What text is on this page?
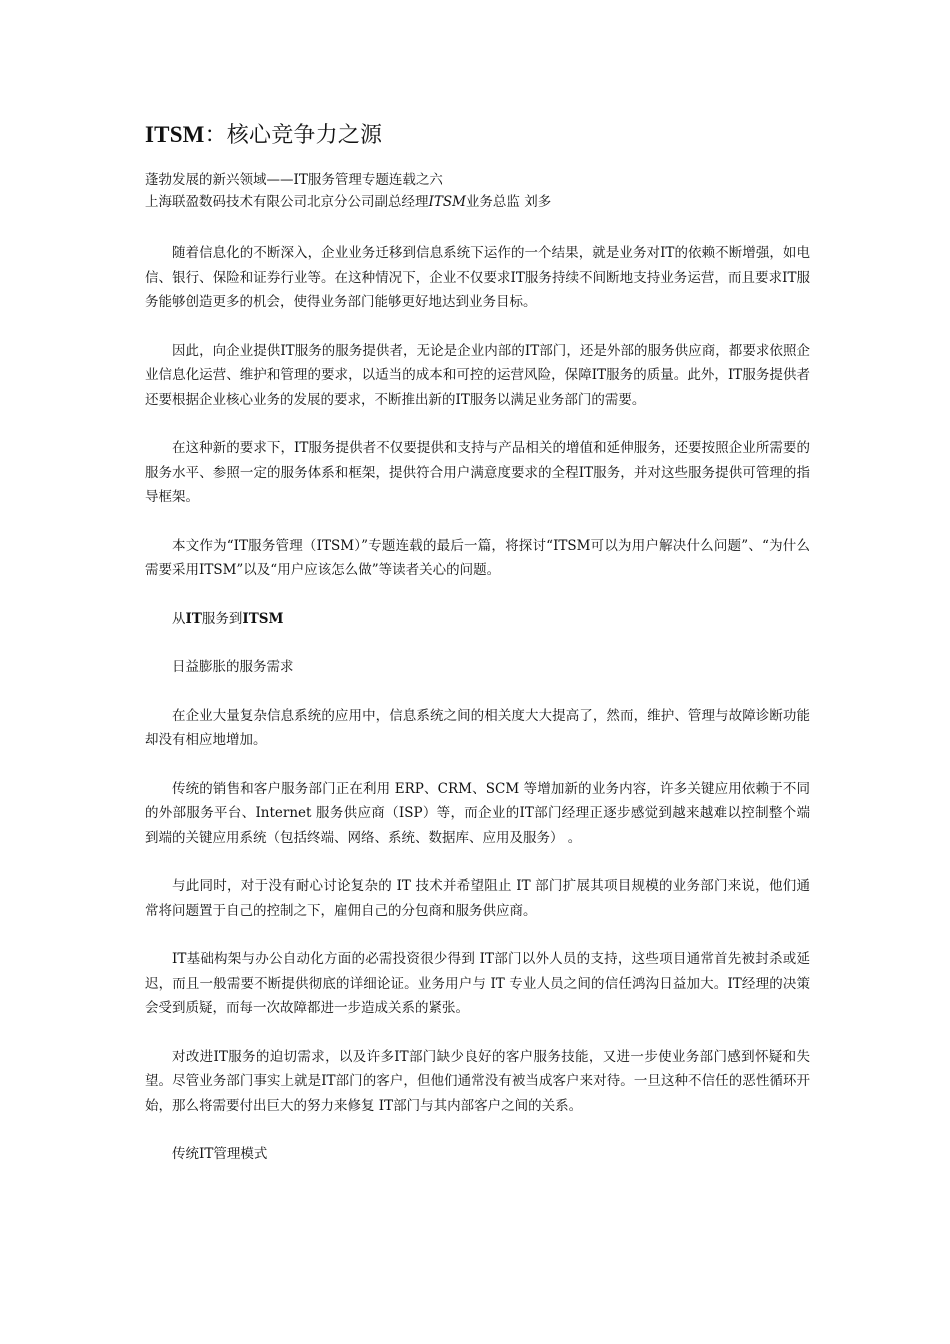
ITSM：核心竞争力之源

蓬勃发展的新兴领域——IT服务管理专题连载之六

上海联盈数码技术有限公司北京分公司副总经理ITSM业务总监 刘多

随着信息化的不断深入，企业业务迁移到信息系统下运作的一个结果，就是业务对IT的依赖不断增强，如电信、银行、保险和证券行业等。在这种情况下，企业不仅要求IT服务持续不间断地支持业务运营，而且要求IT服务能够创造更多的机会，使得业务部门能够更好地达到业务目标。

因此，向企业提供IT服务的服务提供者，无论是企业内部的IT部门，还是外部的服务供应商，都要求依照企业信息化运营、维护和管理的要求，以适当的成本和可控的运营风险，保障IT服务的质量。此外，IT服务提供者还要根据企业核心业务的发展的要求，不断推出新的IT服务以满足业务部门的需要。

在这种新的要求下，IT服务提供者不仅要提供和支持与产品相关的增值和延伸服务，还要按照企业所需要的服务水平、参照一定的服务体系和框架，提供符合用户满意度要求的全程IT服务，并对这些服务提供可管理的指导框架。

本文作为“IT服务管理（ITSM）”专题连载的最后一篇，将探讨“ITSM可以为用户解决什么问题”、“为什么需要采用ITSM”以及“用户应该怎么做”等读者关心的问题。

从IT服务到ITSM

日益膨胀的服务需求

在企业大量复杂信息系统的应用中，信息系统之间的相关度大大提高了，然而，维护、管理与故障诊断功能却没有相应地增加。

传统的销售和客户服务部门正在利用 ERP、CRM、SCM 等增加新的业务内容，许多关键应用依赖于不同的外部服务平台、Internet 服务供应商（ISP）等，而企业的IT部门经理正逐步感觉到越来越难以控制整个端到端的关键应用系统（包括终端、网络、系统、数据库、应用及服务） 。

与此同时，对于没有耐心讨论复杂的 IT 技术并希望阻止 IT 部门扩展其项目规模的业务部门来说，他们通常将问题置于自己的控制之下，雇佣自己的分包商和服务供应商。

IT基础构架与办公自动化方面的必需投资很少得到 IT部门以外人员的支持，这些项目通常首先被封杀或延迟，而且一般需要不断提供彻底的详细论证。业务用户与 IT 专业人员之间的信任鸿沟日益加大。IT经理的决策会受到质疑，而每一次故障都进一步造成关系的紧张。

对改进IT服务的迫切需求，以及许多IT部门缺少良好的客户服务技能，又进一步使业务部门感到怀疑和失望。尽管业务部门事实上就是IT部门的客户，但他们通常没有被当成客户来对待。一旦这种不信任的恶性循环开始，那么将需要付出巨大的努力来修复 IT部门与其内部客户之间的关系。

传统IT管理模式
